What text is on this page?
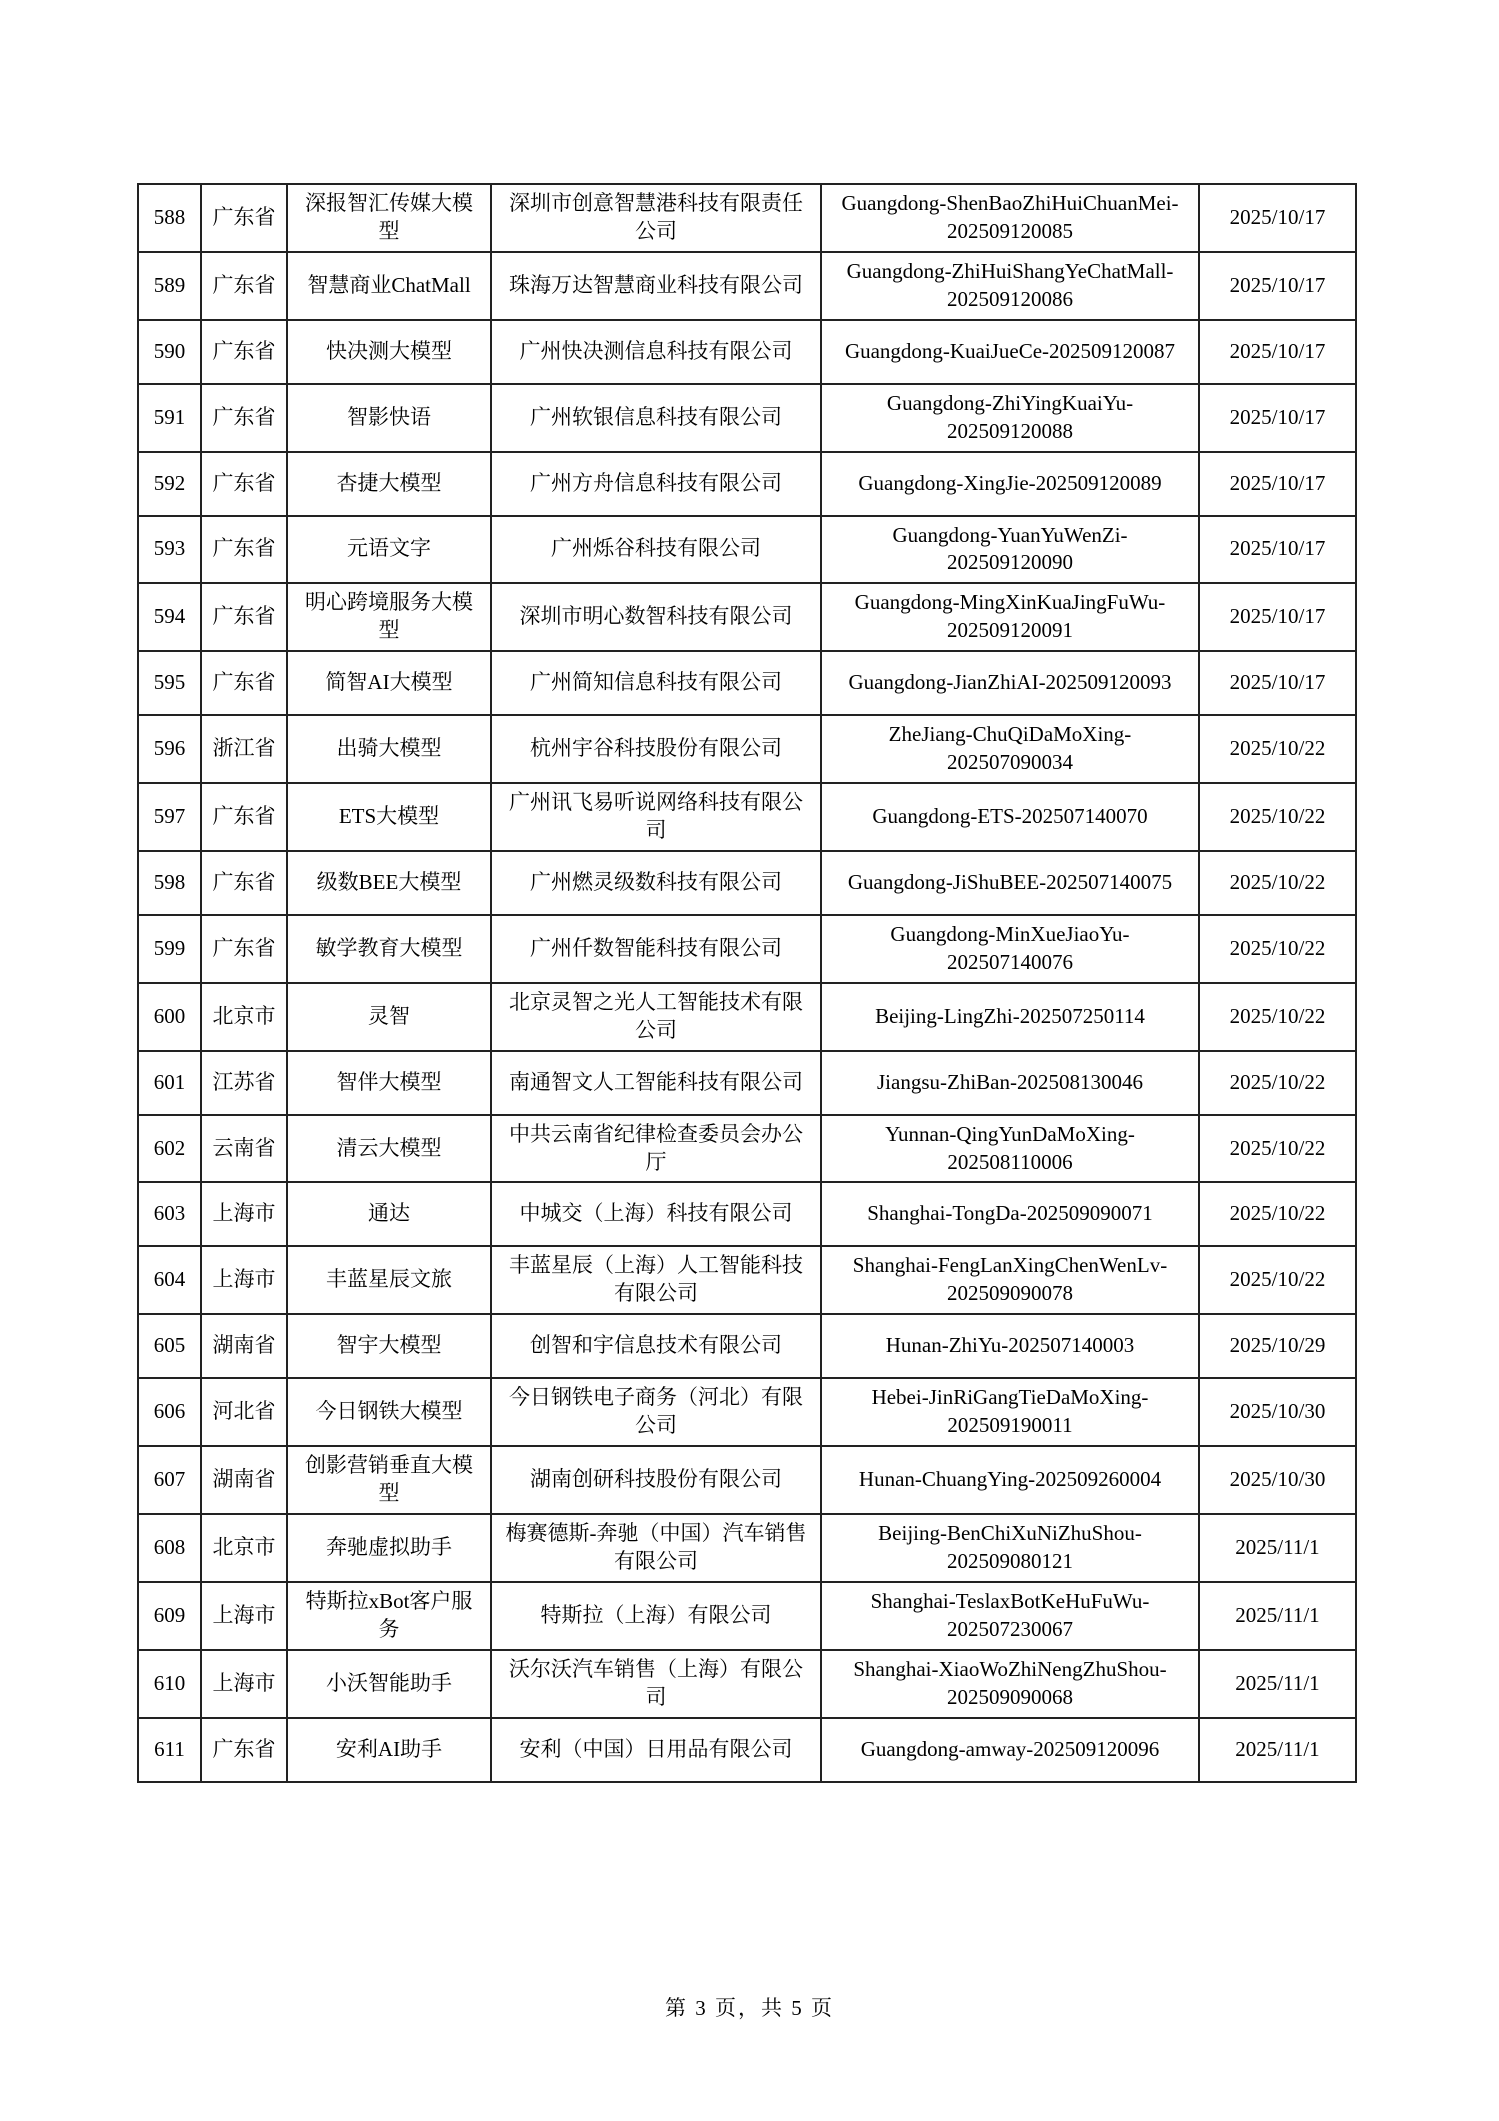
588	广东省	深报智汇传媒大模型	深圳市创意智慧港科技有限责任公司	Guangdong-ShenBaoZhiHuiChuanMei-202509120085	2025/10/17
589	广东省	智慧商业ChatMall	珠海万达智慧商业科技有限公司	Guangdong-ZhiHuiShangYeChatMall-202509120086	2025/10/17
590	广东省	快决测大模型	广州快决测信息科技有限公司	Guangdong-KuaiJueCe-202509120087	2025/10/17
591	广东省	智影快语	广州软银信息科技有限公司	Guangdong-ZhiYingKuaiYu-202509120088	2025/10/17
592	广东省	杏捷大模型	广州方舟信息科技有限公司	Guangdong-XingJie-202509120089	2025/10/17
593	广东省	元语文字	广州烁谷科技有限公司	Guangdong-YuanYuWenZi-202509120090	2025/10/17
594	广东省	明心跨境服务大模型	深圳市明心数智科技有限公司	Guangdong-MingXinKuaJingFuWu-202509120091	2025/10/17
595	广东省	简智AI大模型	广州简知信息科技有限公司	Guangdong-JianZhiAI-202509120093	2025/10/17
596	浙江省	出骑大模型	杭州宇谷科技股份有限公司	ZheJiang-ChuQiDaMoXing-202507090034	2025/10/22
597	广东省	ETS大模型	广州讯飞易听说网络科技有限公司	Guangdong-ETS-202507140070	2025/10/22
598	广东省	级数BEE大模型	广州燃灵级数科技有限公司	Guangdong-JiShuBEE-202507140075	2025/10/22
599	广东省	敏学教育大模型	广州仟数智能科技有限公司	Guangdong-MinXueJiaoYu-202507140076	2025/10/22
600	北京市	灵智	北京灵智之光人工智能技术有限公司	Beijing-LingZhi-202507250114	2025/10/22
601	江苏省	智伴大模型	南通智文人工智能科技有限公司	Jiangsu-ZhiBan-202508130046	2025/10/22
602	云南省	清云大模型	中共云南省纪律检查委员会办公厅	Yunnan-QingYunDaMoXing-202508110006	2025/10/22
603	上海市	通达	中城交（上海）科技有限公司	Shanghai-TongDa-202509090071	2025/10/22
604	上海市	丰蓝星辰文旅	丰蓝星辰（上海）人工智能科技有限公司	Shanghai-FengLanXingChenWenLv-202509090078	2025/10/22
605	湖南省	智宇大模型	创智和宇信息技术有限公司	Hunan-ZhiYu-202507140003	2025/10/29
606	河北省	今日钢铁大模型	今日钢铁电子商务（河北）有限公司	Hebei-JinRiGangTieDaMoXing-202509190011	2025/10/30
607	湖南省	创影营销垂直大模型	湖南创研科技股份有限公司	Hunan-ChuangYing-202509260004	2025/10/30
608	北京市	奔驰虚拟助手	梅赛德斯-奔驰（中国）汽车销售有限公司	Beijing-BenChiXuNiZhuShou-202509080121	2025/11/1
609	上海市	特斯拉xBot客户服务	特斯拉（上海）有限公司	Shanghai-TeslaxBotKeHuFuWu-202507230067	2025/11/1
610	上海市	小沃智能助手	沃尔沃汽车销售（上海）有限公司	Shanghai-XiaoWoZhiNengZhuShou-202509090068	2025/11/1
611	广东省	安利AI助手	安利（中国）日用品有限公司	Guangdong-amway-202509120096	2025/11/1
第 3 页，共 5 页
